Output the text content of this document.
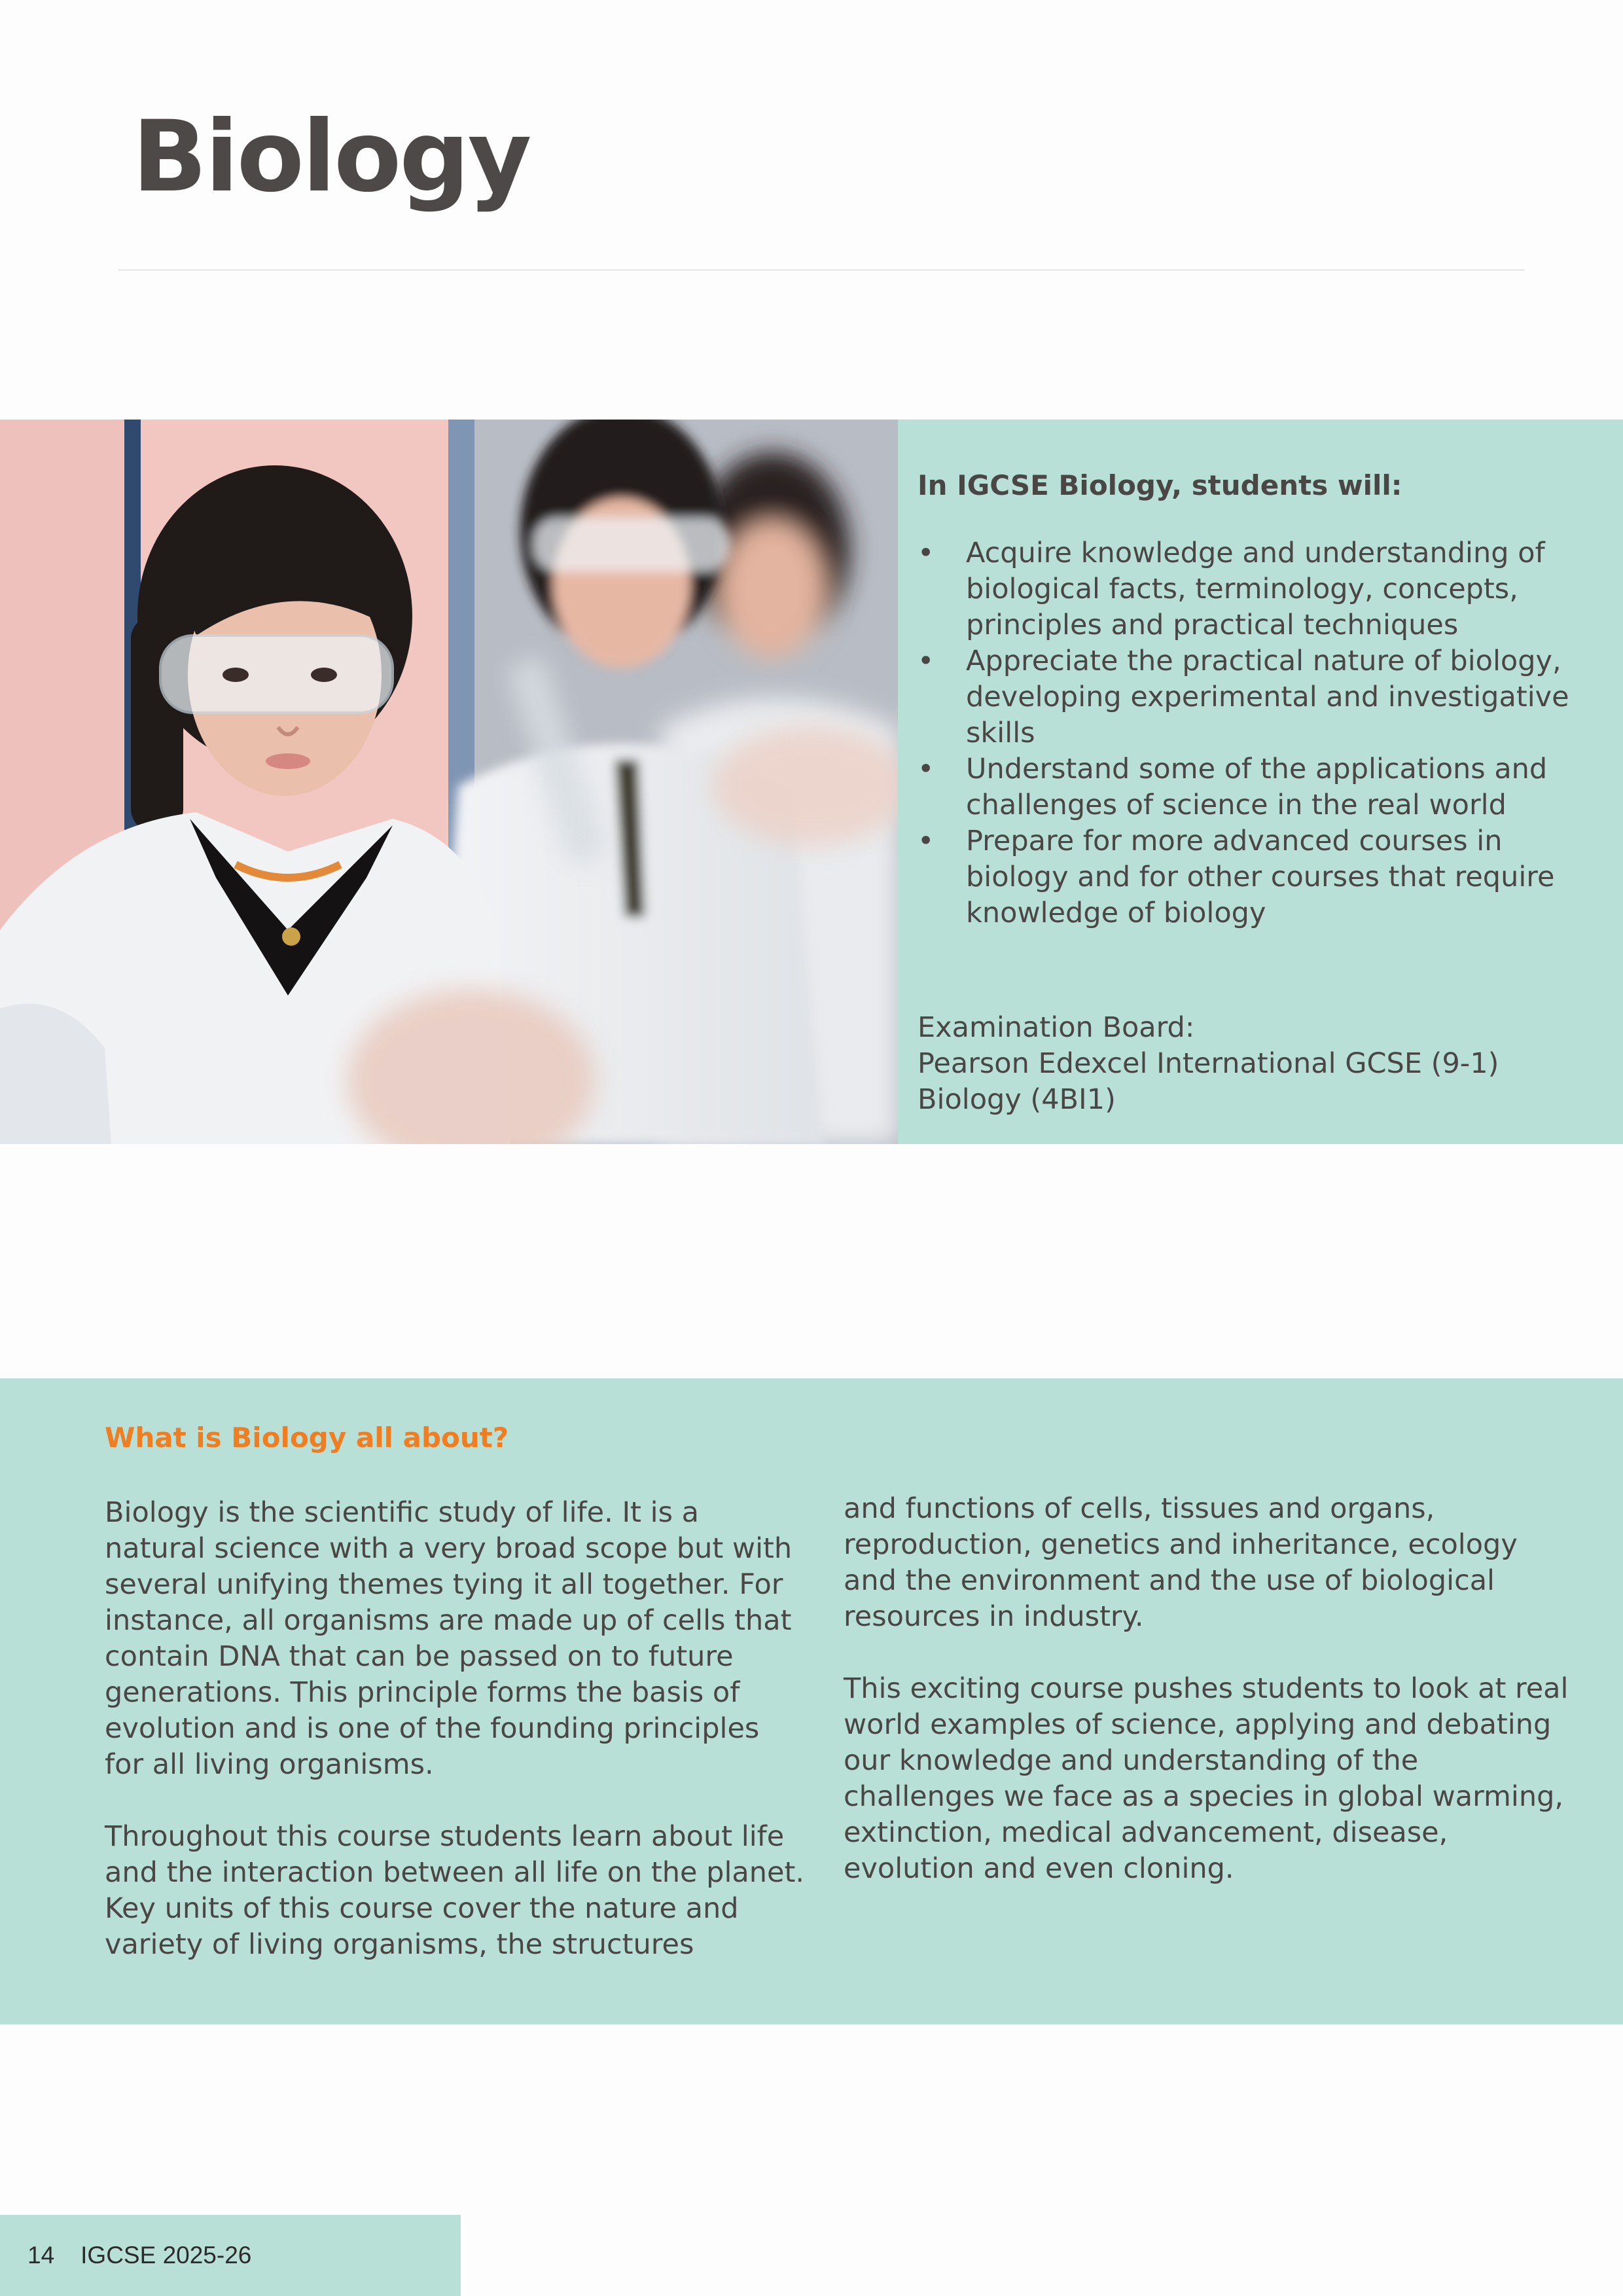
Biology
In IGCSE Biology, students will:
• Acquire knowledge and understanding of biological facts, terminology, concepts, principles and practical techniques
• Appreciate the practical nature of biology, developing experimental and investigative skills
• Understand some of the applications and challenges of science in the real world
• Prepare for more advanced courses in biology and for other courses that require knowledge of biology
Examination Board:
Pearson Edexcel International GCSE (9-1)
Biology (4BI1)
What is Biology all about?

Biology is the scientific study of life. It is a natural science with a very broad scope but with several unifying themes tying it all together. For instance, all organisms are made up of cells that contain DNA that can be passed on to future generations. This principle forms the basis of evolution and is one of the founding principles for all living organisms.

Throughout this course students learn about life and the interaction between all life on the planet. Key units of this course cover the nature and variety of living organisms, the structures

and functions of cells, tissues and organs, reproduction, genetics and inheritance, ecology and the environment and the use of biological resources in industry.

This exciting course pushes students to look at real world examples of science, applying and debating our knowledge and understanding of the challenges we face as a species in global warming, extinction, medical advancement, disease, evolution and even cloning.

14 IGCSE 2025-26
